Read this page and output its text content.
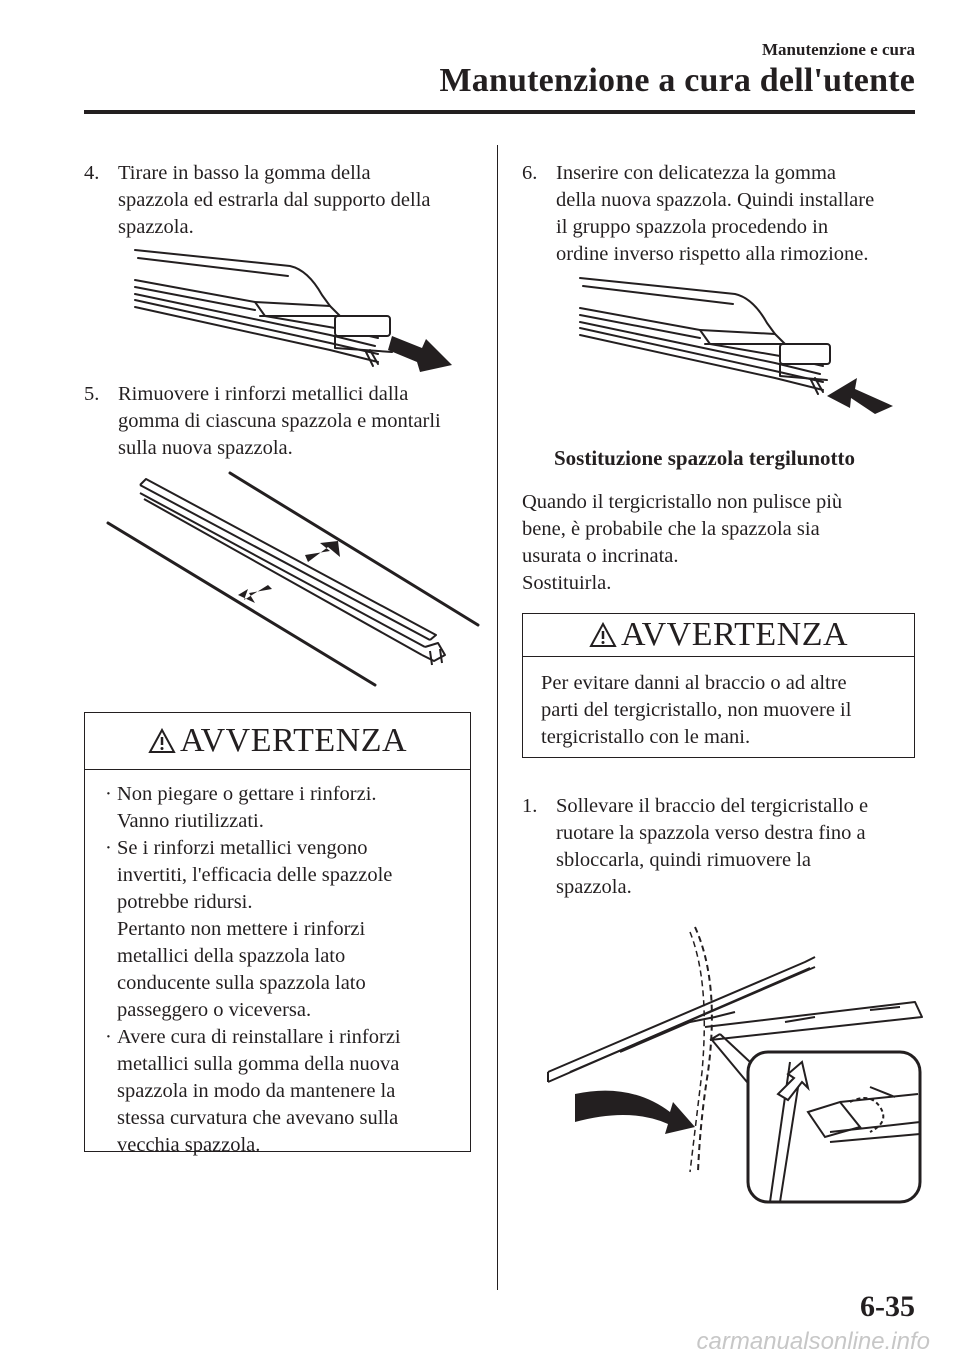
Manutenzione e cura
Manutenzione a cura dell'utente
4. Tirare in basso la gomma della
spazzola ed estrarla dal supporto della
spazzola.
5. Rimuovere i rinforzi metallici dalla
gomma di ciascuna spazzola e montarli
sulla nuova spazzola.
AVVERTENZA
· Non piegare o gettare i rinforzi.
Vanno riutilizzati.
· Se i rinforzi metallici vengono
invertiti, l'efficacia delle spazzole
potrebbe ridursi.
Pertanto non mettere i rinforzi
metallici della spazzola lato
conducente sulla spazzola lato
passeggero o viceversa.
· Avere cura di reinstallare i rinforzi
metallici sulla gomma della nuova
spazzola in modo da mantenere la
stessa curvatura che avevano sulla
vecchia spazzola.
6. Inserire con delicatezza la gomma
della nuova spazzola. Quindi installare
il gruppo spazzola procedendo in
ordine inverso rispetto alla rimozione.
Sostituzione spazzola tergilunotto
Quando il tergicristallo non pulisce più
bene, è probabile che la spazzola sia
usurata o incrinata.
Sostituirla.
AVVERTENZA
Per evitare danni al braccio o ad altre
parti del tergicristallo, non muovere il
tergicristallo con le mani.
1. Sollevare il braccio del tergicristallo e
ruotare la spazzola verso destra fino a
sbloccarla, quindi rimuovere la
spazzola.
6-35
carmanualsonline.info
